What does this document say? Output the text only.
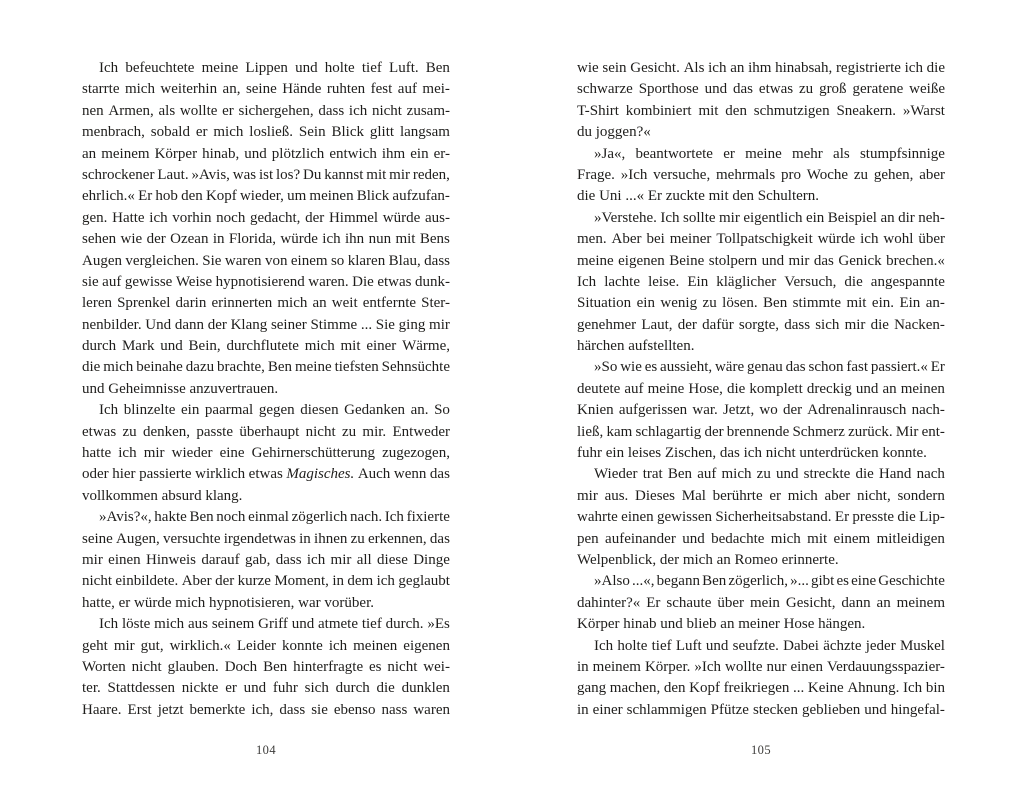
Ich befeuchtete meine Lippen und holte tief Luft. Ben
starrte mich weiterhin an, seine Hände ruhten fest auf mei-
nen Armen, als wollte er sichergehen, dass ich nicht zusam-
menbrach, sobald er mich losließ. Sein Blick glitt langsam
an meinem Körper hinab, und plötzlich entwich ihm ein er-
schrockener Laut. »Avis, was ist los? Du kannst mit mir reden,
ehrlich.« Er hob den Kopf wieder, um meinen Blick aufzufan-
gen. Hatte ich vorhin noch gedacht, der Himmel würde aus-
sehen wie der Ozean in Florida, würde ich ihn nun mit Bens
Augen vergleichen. Sie waren von einem so klaren Blau, dass
sie auf gewisse Weise hypnotisierend waren. Die etwas dunk-
leren Sprenkel darin erinnerten mich an weit entfernte Ster-
nenbilder. Und dann der Klang seiner Stimme ... Sie ging mir
durch Mark und Bein, durchflutete mich mit einer Wärme,
die mich beinahe dazu brachte, Ben meine tiefsten Sehnsüchte
und Geheimnisse anzuvertrauen.
Ich blinzelte ein paarmal gegen diesen Gedanken an. So
etwas zu denken, passte überhaupt nicht zu mir. Entweder
hatte ich mir wieder eine Gehirnerschütterung zugezogen,
oder hier passierte wirklich etwas Magisches. Auch wenn das
vollkommen absurd klang.
»Avis?«, hakte Ben noch einmal zögerlich nach. Ich fixierte
seine Augen, versuchte irgendetwas in ihnen zu erkennen, das
mir einen Hinweis darauf gab, dass ich mir all diese Dinge
nicht einbildete. Aber der kurze Moment, in dem ich geglaubt
hatte, er würde mich hypnotisieren, war vorüber.
Ich löste mich aus seinem Griff und atmete tief durch. »Es
geht mir gut, wirklich.« Leider konnte ich meinen eigenen
Worten nicht glauben. Doch Ben hinterfragte es nicht wei-
ter. Stattdessen nickte er und fuhr sich durch die dunklen
Haare. Erst jetzt bemerkte ich, dass sie ebenso nass waren
104
wie sein Gesicht. Als ich an ihm hinabsah, registrierte ich die
schwarze Sporthose und das etwas zu groß geratene weiße
T-Shirt kombiniert mit den schmutzigen Sneakern. »Warst
du joggen?«
»Ja«, beantwortete er meine mehr als stumpfsinnige
Frage. »Ich versuche, mehrmals pro Woche zu gehen, aber
die Uni ...« Er zuckte mit den Schultern.
»Verstehe. Ich sollte mir eigentlich ein Beispiel an dir neh-
men. Aber bei meiner Tollpatschigkeit würde ich wohl über
meine eigenen Beine stolpern und mir das Genick brechen.«
Ich lachte leise. Ein kläglicher Versuch, die angespannte
Situation ein wenig zu lösen. Ben stimmte mit ein. Ein an-
genehmer Laut, der dafür sorgte, dass sich mir die Nacken-
härchen aufstellten.
»So wie es aussieht, wäre genau das schon fast passiert.« Er
deutete auf meine Hose, die komplett dreckig und an meinen
Knien aufgerissen war. Jetzt, wo der Adrenalinrausch nach-
ließ, kam schlagartig der brennende Schmerz zurück. Mir ent-
fuhr ein leises Zischen, das ich nicht unterdrücken konnte.
Wieder trat Ben auf mich zu und streckte die Hand nach
mir aus. Dieses Mal berührte er mich aber nicht, sondern
wahrte einen gewissen Sicherheitsabstand. Er presste die Lip-
pen aufeinander und bedachte mich mit einem mitleidigen
Welpenblick, der mich an Romeo erinnerte.
»Also ...«, begann Ben zögerlich, »... gibt es eine Geschichte
dahinter?« Er schaute über mein Gesicht, dann an meinem
Körper hinab und blieb an meiner Hose hängen.
Ich holte tief Luft und seufzte. Dabei ächzte jeder Muskel
in meinem Körper. »Ich wollte nur einen Verdauungsspazier-
gang machen, den Kopf freikriegen ... Keine Ahnung. Ich bin
in einer schlammigen Pfütze stecken geblieben und hingefal-
105
